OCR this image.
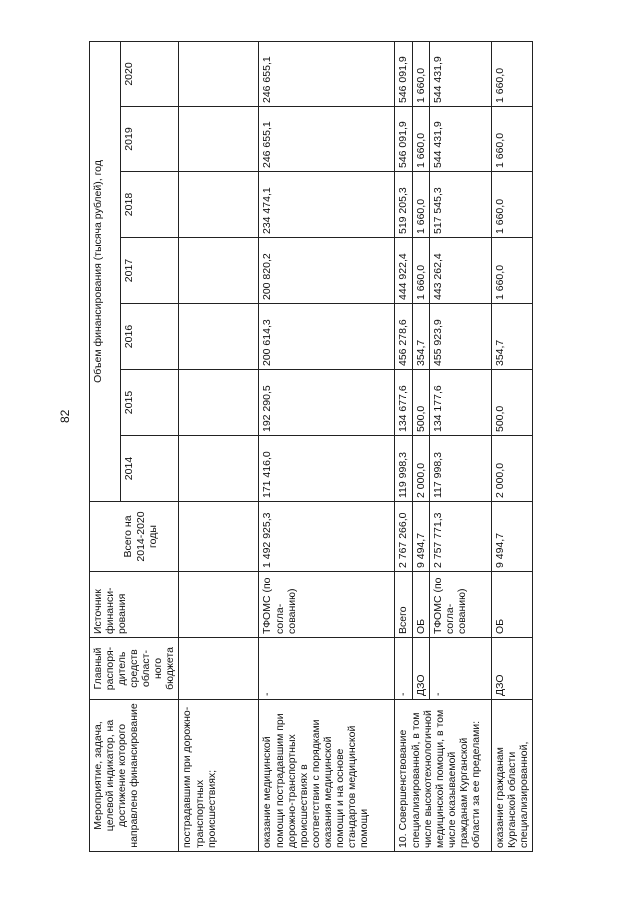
82
Мероприятие, задача, целевой индикатор, на достижение которого направлено финансирование	Главный распоря-дитель средств област-ного бюджета	Источник финанси-рования		Объем финансирования (тысяча рублей), год						
			Всего на 2014-2020 годы	2014	2015	2016	2017	2018	2019	2020
пострадавшим при дорожно-транспортных происшествиях;										
оказание медицинской помощи пострадавшим при дорожно-транспортных происшествиях в соответствии с порядками оказания медицинской помощи и на основе стандартов медицинской помощи	-	ТФОМС (по согла-сованию)	1 492 925,3	171 416,0	192 290,5	200 614,3	200 820,2	234 474,1	246 655,1	246 655,1
10. Совершенствование специализированной, в том числе высокотехнологичной медицинской помощи, в том числе оказываемой гражданам Курганской области за ее пределами:	-	Всего	2 767 266,0	119 998,3	134 677,6	456 278,6	444 922,4	519 205,3	546 091,9	546 091,9
	ДЗО	ОБ	9 494,7	2 000,0	500,0	354,7	1 660,0	1 660,0	1 660,0	1 660,0
	-	ТФОМС (по согла-сованию)	2 757 771,3	117 998,3	134 177,6	455 923,9	443 262,4	517 545,3	544 431,9	544 431,9
оказание гражданам Курганской области специализированной,	ДЗО	ОБ	9 494,7	2 000,0	500,0	354,7	1 660,0	1 660,0	1 660,0	1 660,0
